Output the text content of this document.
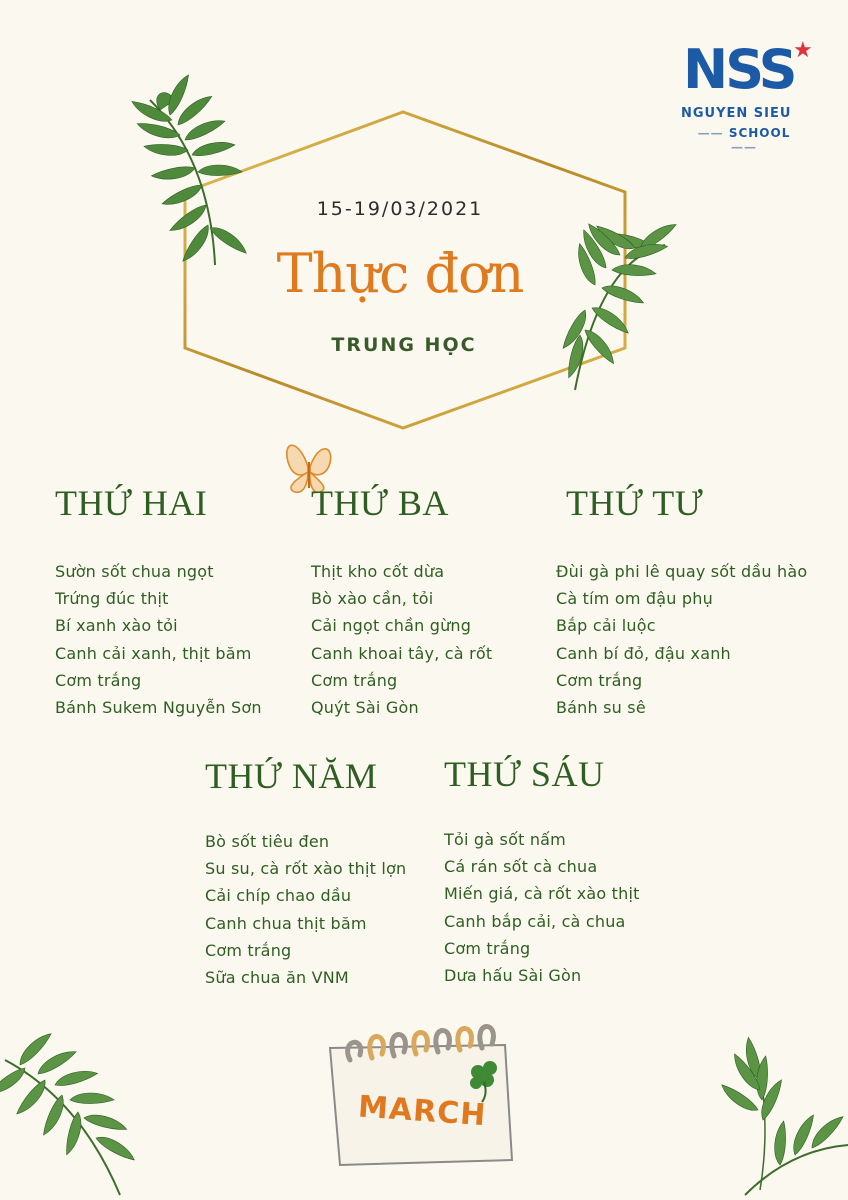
15-19/03/2021
Thực đơn
TRUNG HỌC
NSS
★
NGUYEN SIEU
—— SCHOOL ——
THỨ HAI
Sườn sốt chua ngọt
Trứng đúc thịt
Bí xanh xào tỏi
Canh cải xanh, thịt băm
Cơm trắng
Bánh Sukem Nguyễn Sơn
THỨ BA
Thịt kho cốt dừa
Bò xào cần, tỏi
Cải ngọt chần gừng
Canh khoai tây, cà rốt
Cơm trắng
Quýt Sài Gòn
THỨ TƯ
Đùi gà phi lê quay sốt dầu hào
Cà tím om đậu phụ
Bắp cải luộc
Canh bí đỏ, đậu xanh
Cơm trắng
Bánh su sê
THỨ NĂM
Bò sốt tiêu đen
Su su, cà rốt xào thịt lợn
Cải chíp chao dầu
Canh chua thịt băm
Cơm trắng
Sữa chua ăn VNM
THỨ SÁU
Tỏi gà sốt nấm
Cá rán sốt cà chua
Miến giá, cà rốt xào thịt
Canh bắp cải, cà chua
Cơm trắng
Dưa hấu Sài Gòn
MARCH
